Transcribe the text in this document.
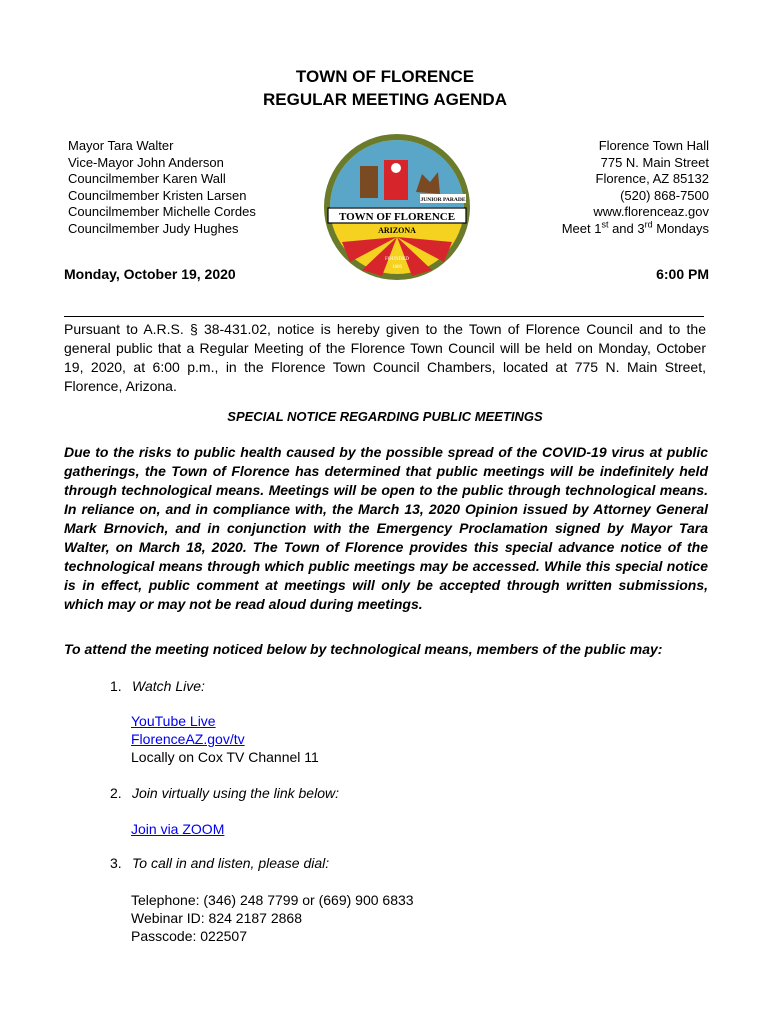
TOWN OF FLORENCE
REGULAR MEETING AGENDA
Mayor Tara Walter
Vice-Mayor John Anderson
Councilmember Karen Wall
Councilmember Kristen Larsen
Councilmember Michelle Cordes
Councilmember Judy Hughes
TOWN OF FLORENCE
ARIZONA
JUNIOR PARADE
FOUNDED
1866
Florence Town Hall
775 N. Main Street
Florence, AZ 85132
(520) 868-7500
www.florenceaz.gov
Meet 1st and 3rd Mondays
Monday, October 19, 2020	6:00 PM
Pursuant to A.R.S. § 38-431.02, notice is hereby given to the Town of Florence Council and to the general public that a Regular Meeting of the Florence Town Council will be held on Monday, October 19, 2020, at 6:00 p.m., in the Florence Town Council Chambers, located at 775 N. Main Street, Florence, Arizona.
SPECIAL NOTICE REGARDING PUBLIC MEETINGS
Due to the risks to public health caused by the possible spread of the COVID-19 virus at public gatherings, the Town of Florence has determined that public meetings will be indefinitely held through technological means. Meetings will be open to the public through technological means. In reliance on, and in compliance with, the March 13, 2020 Opinion issued by Attorney General Mark Brnovich, and in conjunction with the Emergency Proclamation signed by Mayor Tara Walter, on March 18, 2020. The Town of Florence provides this special advance notice of the technological means through which public meetings may be accessed. While this special notice is in effect, public comment at meetings will only be accepted through written submissions, which may or may not be read aloud during meetings.
To attend the meeting noticed below by technological means, members of the public may:
1. Watch Live:
YouTube Live
FlorenceAZ.gov/tv
Locally on Cox TV Channel 11
2. Join virtually using the link below:
Join via ZOOM
3. To call in and listen, please dial:
Telephone: (346) 248 7799 or (669) 900 6833
Webinar ID: 824 2187 2868
Passcode: 022507
